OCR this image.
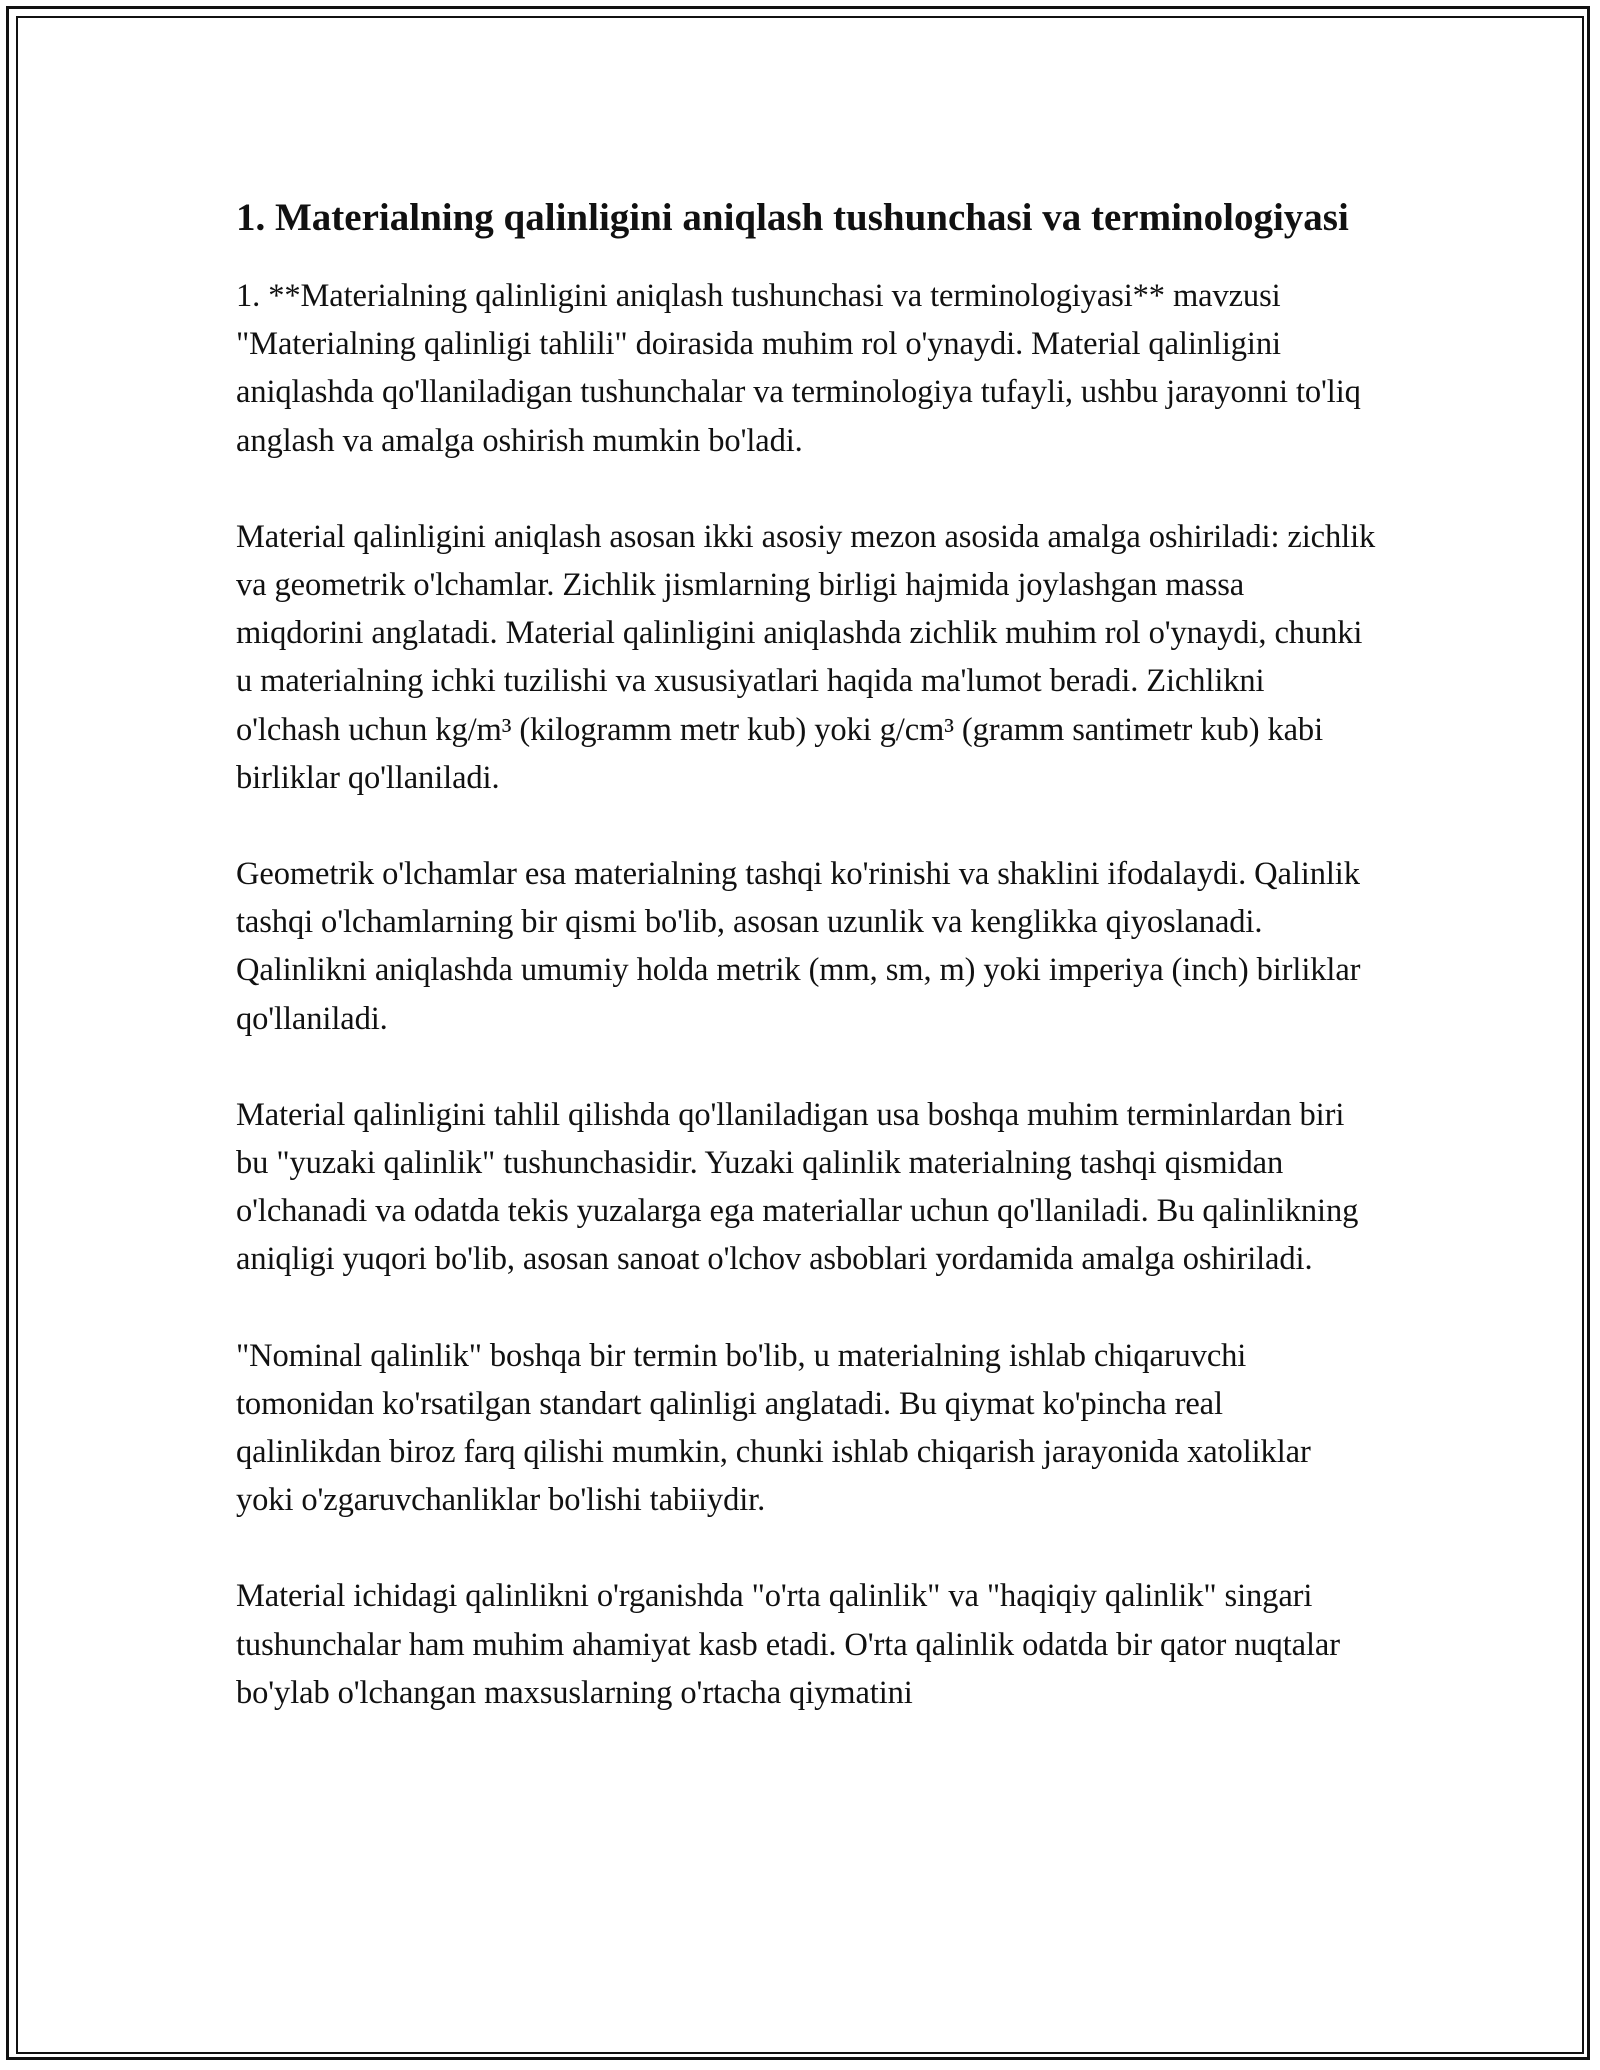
1. Materialning qalinligini aniqlash tushunchasi va terminologiyasi

1. **Materialning qalinligini aniqlash tushunchasi va terminologiyasi** mavzusi "Materialning qalinligi tahlili" doirasida muhim rol o'ynaydi. Material qalinligini aniqlashda qo'llaniladigan tushunchalar va terminologiya tufayli, ushbu jarayonni to'liq anglash va amalga oshirish mumkin bo'ladi.

Material qalinligini aniqlash asosan ikki asosiy mezon asosida amalga oshiriladi: zichlik va geometrik o'lchamlar. Zichlik jismlarning birligi hajmida joylashgan massa miqdorini anglatadi. Material qalinligini aniqlashda zichlik muhim rol o'ynaydi, chunki u materialning ichki tuzilishi va xususiyatlari haqida ma'lumot beradi. Zichlikni o'lchash uchun kg/m³ (kilogramm metr kub) yoki g/cm³ (gramm santimetr kub) kabi birliklar qo'llaniladi.

Geometrik o'lchamlar esa materialning tashqi ko'rinishi va shaklini ifodalaydi. Qalinlik tashqi o'lchamlarning bir qismi bo'lib, asosan uzunlik va kenglikka qiyoslanadi. Qalinlikni aniqlashda umumiy holda metrik (mm, sm, m) yoki imperiya (inch) birliklar qo'llaniladi.

Material qalinligini tahlil qilishda qo'llaniladigan usa boshqa muhim terminlardan biri bu "yuzaki qalinlik" tushunchasidir. Yuzaki qalinlik materialning tashqi qismidan o'lchanadi va odatda tekis yuzalarga ega materiallar uchun qo'llaniladi. Bu qalinlikning aniqligi yuqori bo'lib, asosan sanoat o'lchov asboblari yordamida amalga oshiriladi.

"Nominal qalinlik" boshqa bir termin bo'lib, u materialning ishlab chiqaruvchi tomonidan ko'rsatilgan standart qalinligi anglatadi. Bu qiymat ko'pincha real qalinlikdan biroz farq qilishi mumkin, chunki ishlab chiqarish jarayonida xatoliklar yoki o'zgaruvchanliklar bo'lishi tabiiydir.

Material ichidagi qalinlikni o'rganishda "o'rta qalinlik" va "haqiqiy qalinlik" singari tushunchalar ham muhim ahamiyat kasb etadi. O'rta qalinlik odatda bir qator nuqtalar bo'ylab o'lchangan maxsuslarning o'rtacha qiymatini
